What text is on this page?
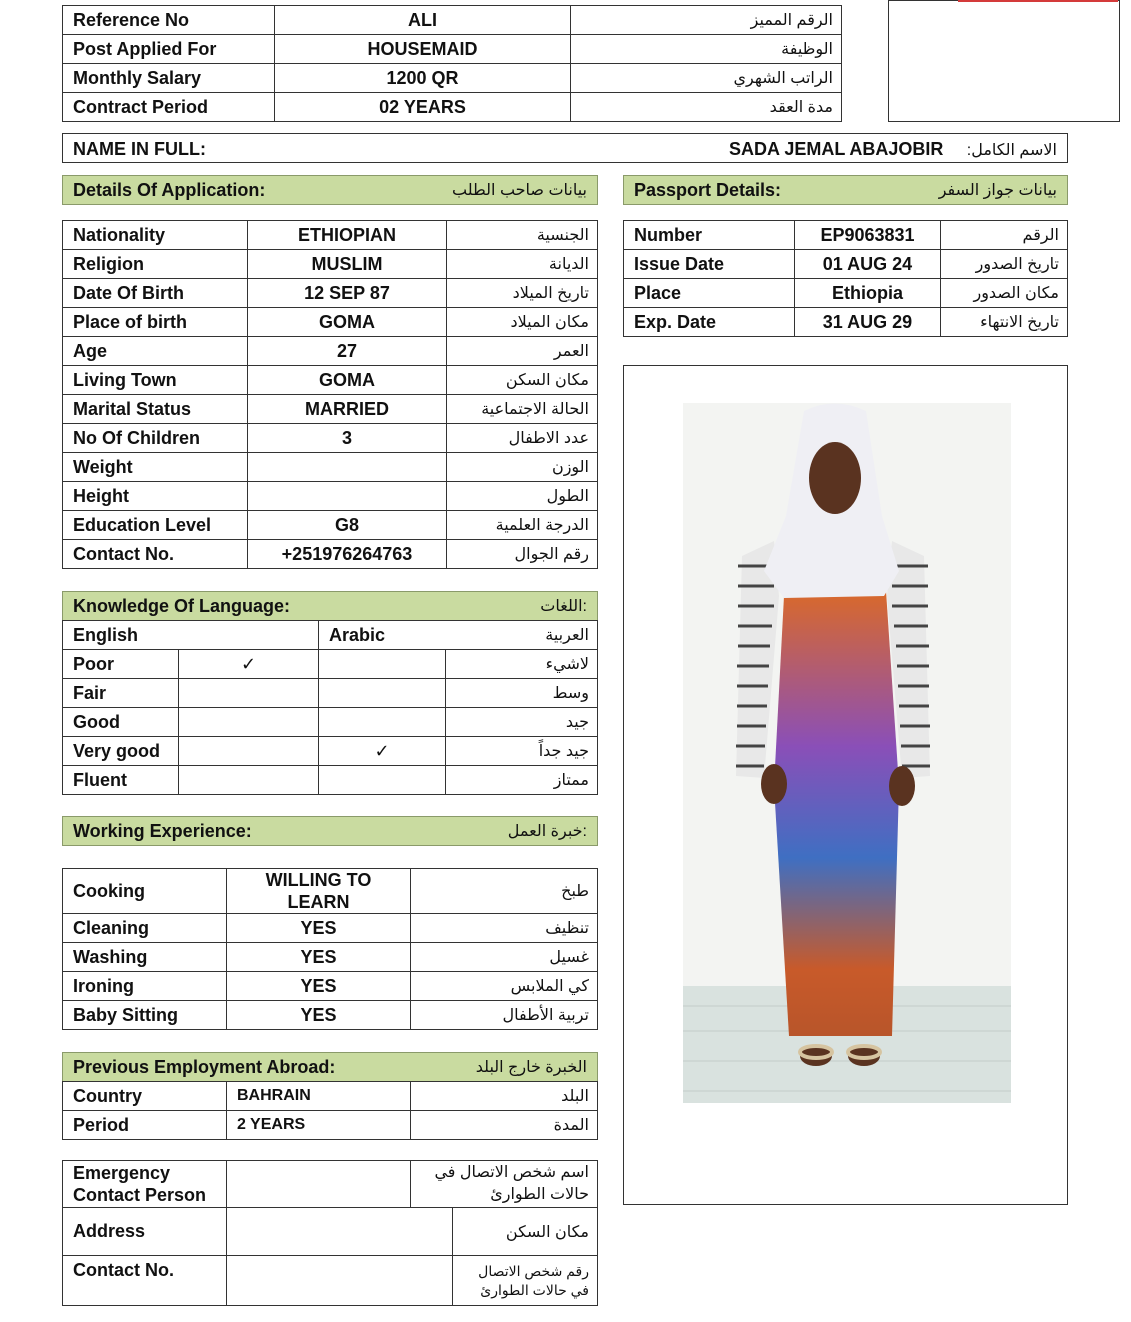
Reference No	ALI	الرقم المميز
Post Applied For	HOUSEMAID	الوظيفة
Monthly Salary	1200 QR	الراتب الشهري
Contract Period	02 YEARS	مدة العقد
NAME IN FULL:	SADA JEMAL ABAJOBIR الاسم الكامل:
Details Of Application:	بيانات صاحب الطلب	Passport Details:	بيانات جواز السفر
Nationality	ETHIOPIAN	الجنسية
Religion	MUSLIM	الديانة
Date Of Birth	12 SEP 87	تاريخ الميلاد
Place of birth	GOMA	مكان الميلاد
Age	27	العمر
Living Town	GOMA	مكان السكن
Marital Status	MARRIED	الحالة الاجتماعية
No Of Children	3	عدد الاطفال
Weight		الوزن
Height		الطول
Education Level	G8	الدرجة العلمية
Contact No.	+251976264763	رقم الجوال
Number	EP9063831	الرقم
Issue Date	01 AUG 24	تاريخ الصدور
Place	Ethiopia	مكان الصدور
Exp. Date	31 AUG 29	تاريخ الانتهاء
Knowledge Of Language:	:اللغات
English		Arabic	العربية
Poor	✓		لاشيء
Fair			وسط
Good			جيد
Very good		✓	جيد جداً
Fluent			ممتاز
Working Experience:	:خبرة العمل
Cooking	WILLING TO LEARN	طبخ
Cleaning	YES	تنظيف
Washing	YES	غسيل
Ironing	YES	كي الملابس
Baby Sitting	YES	تربية الأطفال
Previous Employment Abroad:	الخبرة خارج البلد
Country	BAHRAIN	البلد
Period	2 YEARS	المدة
Emergency Contact Person		اسم شخص الاتصال في حالات الطوارئ
Address		مكان السكن
Contact No.		رقم شخص الاتصال في حالات الطوارئ
